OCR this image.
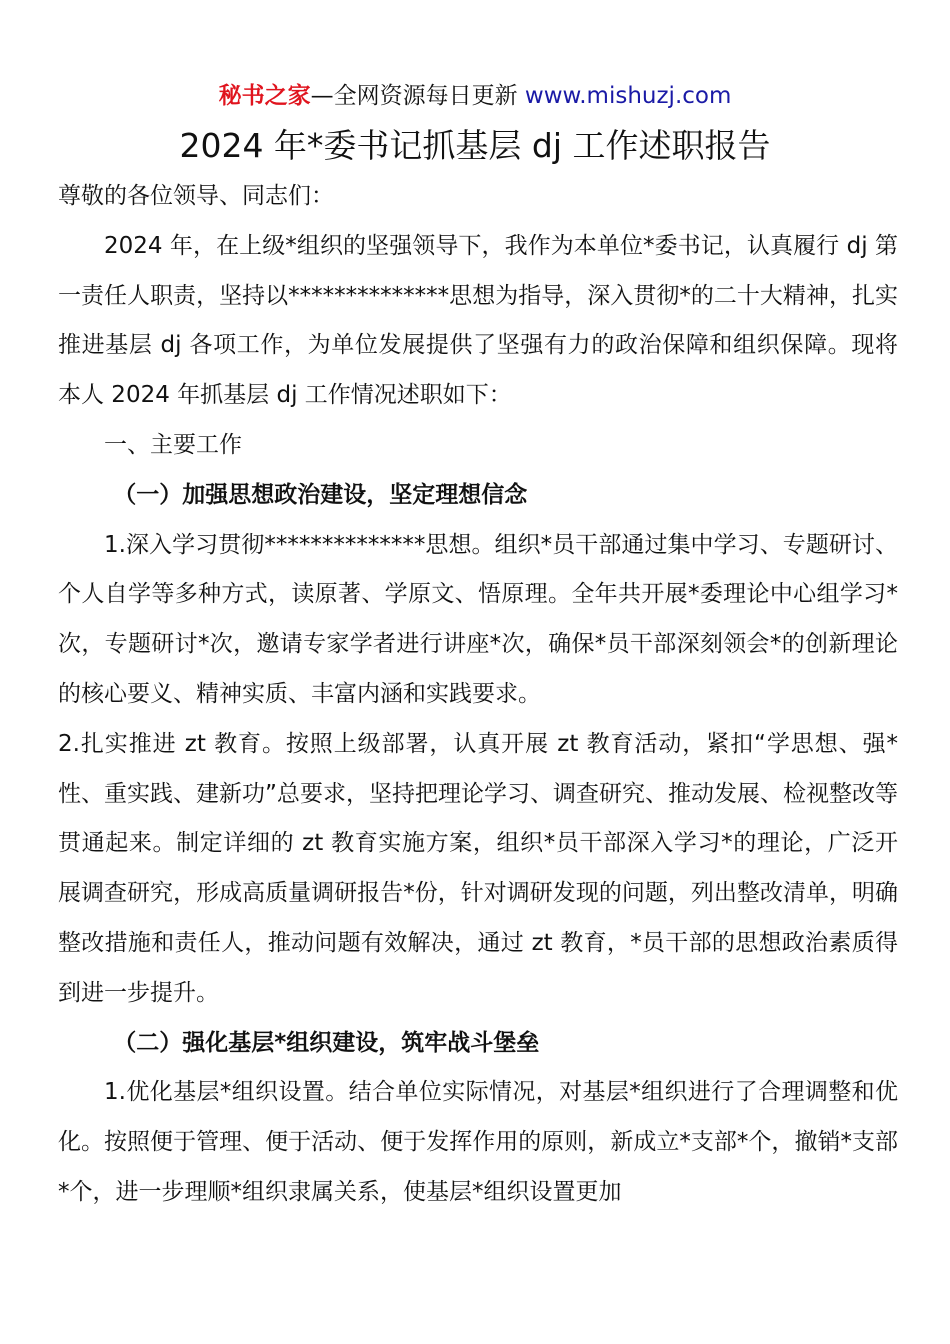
秘书之家—全网资源每日更新 www.mishuzj.com
2024 年*委书记抓基层 dj 工作述职报告

尊敬的各位领导、同志们：

2024 年，在上级*组织的坚强领导下，我作为本单位*委书记，认真履行 dj 第一责任人职责，坚持以**************思想为指导，深入贯彻*的二十大精神，扎实推进基层 dj 各项工作，为单位发展提供了坚强有力的政治保障和组织保障。现将本人 2024 年抓基层 dj 工作情况述职如下：

一、主要工作

（一）加强思想政治建设，坚定理想信念

1.深入学习贯彻**************思想。组织*员干部通过集中学习、专题研讨、个人自学等多种方式，读原著、学原文、悟原理。全年共开展*委理论中心组学习*次，专题研讨*次，邀请专家学者进行讲座*次，确保*员干部深刻领会*的创新理论的核心要义、精神实质、丰富内涵和实践要求。

2.扎实推进 zt 教育。按照上级部署，认真开展 zt 教育活动，紧扣“学思想、强*性、重实践、建新功”总要求，坚持把理论学习、调查研究、推动发展、检视整改等贯通起来。制定详细的 zt 教育实施方案，组织*员干部深入学习*的理论，广泛开展调查研究，形成高质量调研报告*份，针对调研发现的问题，列出整改清单，明确整改措施和责任人，推动问题有效解决，通过 zt 教育，*员干部的思想政治素质得到进一步提升。

（二）强化基层*组织建设，筑牢战斗堡垒

1.优化基层*组织设置。结合单位实际情况，对基层*组织进行了合理调整和优化。按照便于管理、便于活动、便于发挥作用的原则，新成立*支部*个，撤销*支部*个，进一步理顺*组织隶属关系，使基层*组织设置更加
